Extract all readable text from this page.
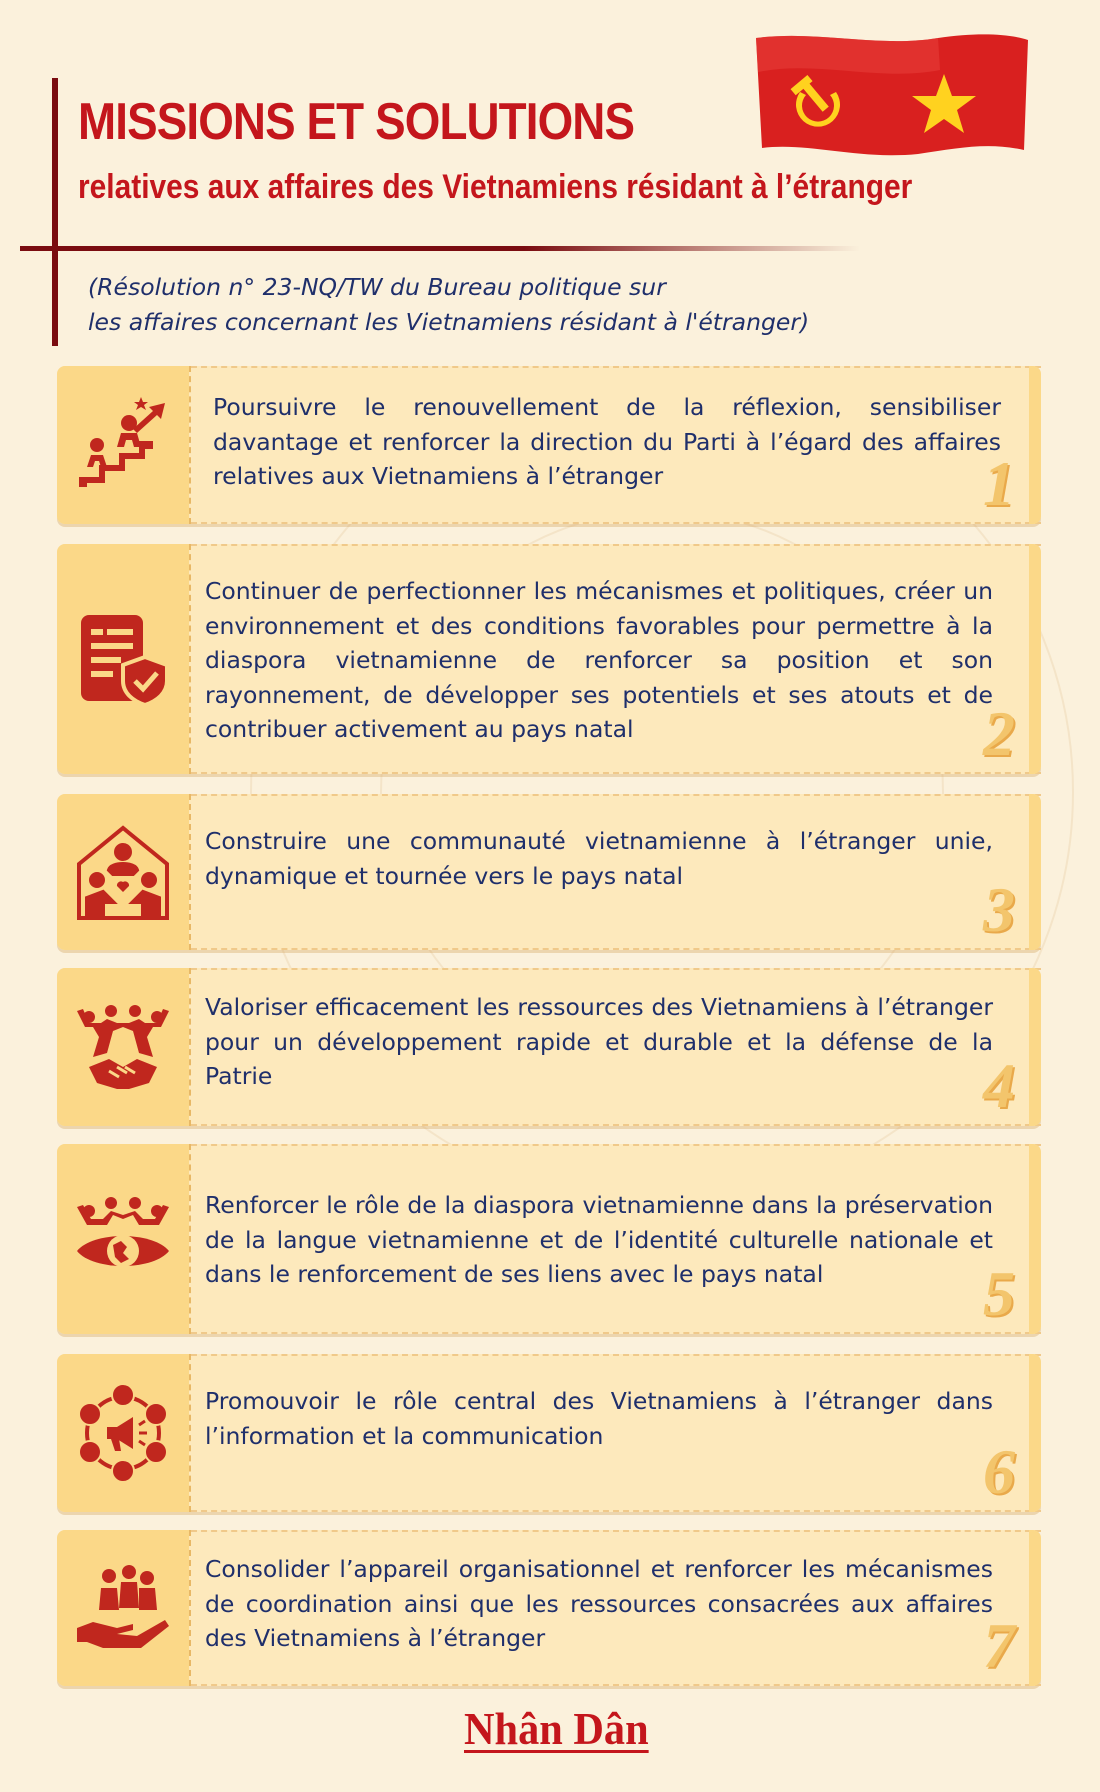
MISSIONS ET SOLUTIONS
relatives aux affaires des Vietnamiens résidant à l’étranger

(Résolution n° 23-NQ/TW du Bureau politique sur
les affaires concernant les Vietnamiens résidant à l'étranger)

Poursuivre le renouvellement de la réflexion, sensibiliser davantage et renforcer la direction du Parti à l’égard des affaires relatives aux Vietnamiens à l’étranger	1

Continuer de perfectionner les mécanismes et politiques, créer un environnement et des conditions favorables pour permettre à la diaspora vietnamienne de renforcer sa position et son rayonnement, de développer ses potentiels et ses atouts et de contribuer activement au pays natal	2

Construire une communauté vietnamienne à l’étranger unie, dynamique et tournée vers le pays natal	3

Valoriser efficacement les ressources des Vietnamiens à l’étranger pour un développement rapide et durable et la défense de la Patrie	4

Renforcer le rôle de la diaspora vietnamienne dans la préservation de la langue vietnamienne et de l’identité culturelle nationale et dans le renforcement de ses liens avec le pays natal	5

Promouvoir le rôle central des Vietnamiens à l’étranger dans l’information et la communication

6

Consolider l’appareil organisationnel et renforcer les mécanismes de coordination ainsi que les ressources consacrées aux affaires des Vietnamiens à l’étranger	7
Nhân Dân
